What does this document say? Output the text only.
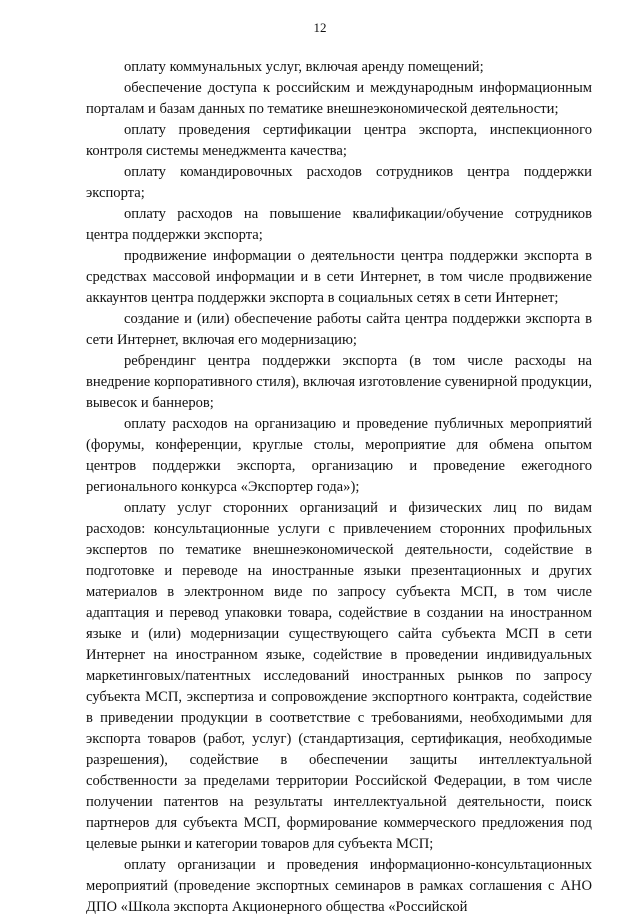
12

оплату коммунальных услуг, включая аренду помещений;

обеспечение доступа к российским и международным информационным порталам и базам данных по тематике внешнеэкономической деятельности;

оплату проведения сертификации центра экспорта, инспекционного контроля системы менеджмента качества;

оплату командировочных расходов сотрудников центра поддержки экспорта;

оплату расходов на повышение квалификации/обучение сотрудников центра поддержки экспорта;

продвижение информации о деятельности центра поддержки экспорта в средствах массовой информации и в сети Интернет, в том числе продвижение аккаунтов центра поддержки экспорта в социальных сетях в сети Интернет;

создание и (или) обеспечение работы сайта центра поддержки экспорта в сети Интернет, включая его модернизацию;

ребрендинг центра поддержки экспорта (в том числе расходы на внедрение корпоративного стиля), включая изготовление сувенирной продукции, вывесок и баннеров;

оплату расходов на организацию и проведение публичных мероприятий (форумы, конференции, круглые столы, мероприятие для обмена опытом центров поддержки экспорта, организацию и проведение ежегодного регионального конкурса «Экспортер года»);

оплату услуг сторонних организаций и физических лиц по видам расходов: консультационные услуги с привлечением сторонних профильных экспертов по тематике внешнеэкономической деятельности, содействие в подготовке и переводе на иностранные языки презентационных и других материалов в электронном виде по запросу субъекта МСП, в том числе адаптация и перевод упаковки товара, содействие в создании на иностранном языке и (или) модернизации существующего сайта субъекта МСП в сети Интернет на иностранном языке, содействие в проведении индивидуальных маркетинговых/патентных исследований иностранных рынков по запросу субъекта МСП, экспертиза и сопровождение экспортного контракта, содействие в приведении продукции в соответствие с требованиями, необходимыми для экспорта товаров (работ, услуг) (стандартизация, сертификация, необходимые разрешения), содействие в обеспечении защиты интеллектуальной собственности за пределами территории Российской Федерации, в том числе получении патентов на результаты интеллектуальной деятельности, поиск партнеров для субъекта МСП, формирование коммерческого предложения под целевые рынки и категории товаров для субъекта МСП;

оплату организации и проведения информационно-консультационных мероприятий (проведение экспортных семинаров в рамках соглашения с АНО ДПО «Школа экспорта Акционерного общества «Российской
